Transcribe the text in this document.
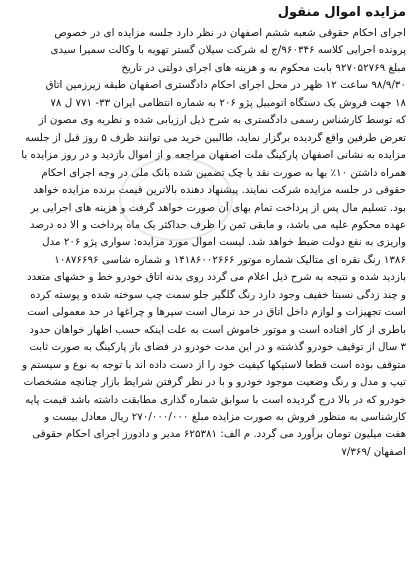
مزایده اموال منقول
اجرای احکام حقوقی شعبه ششم اصفهان در نظر دارد جلسه مزایده ای در خصوص
پرونده اجرایی کلاسه ۹۶۰۳۴۶/ج له شرکت سیلان گستر تهویه با وکالت سمیرا سیدی
مبلغ ۹۲۷۰۵۲۷۶۹ بابت محکوم به و هزینه های اجرای دولتی در تاریخ
۹۸/۹/۳۰ ساعت ۱۲ ظهر در محل اجرای احکام دادگستری اصفهان طبقه زیرزمین اتاق
۱۸ جهت فروش یک دستگاه اتومبیل پژو ۲۰۶ به شماره انتظامی ایران ۳۳- ۷۷۱ ل ۷۸
که توسط کارشناس رسمی دادگستری به شرح ذیل ارزیابی شده و نظریه وی مصون از
تعرض طرفین واقع گردیده برگزار نماید، طالبین خرید می توانند ظرف ۵ روز قبل از جلسه
مزایده به نشانی اصفهان پارکینگ ملت اصفهان مراجعه و از اموال بازدید و در روز مزایده با
همراه داشتن ۱۰٪ بها به صورت نقد یا چک تضمین شده بانک ملی در وجه اجرای احکام
حقوقی در جلسه مزایده شرکت نمایند. پیشنهاد دهنده بالاترین قیمت برنده مزایده خواهد
بود. تسلیم مال پس از پرداخت تمام بهای آن صورت خواهد گرفت و هزینه های اجرایی بر
عهده محکوم علیه می باشد، و مابقی ثمن را ظرف حداکثر یک ماه پرداخت و الا ده درصد
واریزی به نفع دولت ضبط خواهد شد. لیست اموال مورد مزایده: سواری پژو ۲۰۶ مدل
۱۳۸۶ رنگ نقره ای متالیک شماره موتور ۱۴۱۸۶۰۰۲۶۶۶ و شماره شاسی ۱۰۸۷۶۶۹۶
بازدید شده و نتیجه به شرح ذیل اعلام می گردد روی بدنه اتاق خودرو خط و خشهای متعدد
و چند زدگی نسبتا خفیف وجود دارد رنگ گلگیر جلو سمت چپ سوخته شده و پوسته کرده
است تجهیزات و لوازم داخل اتاق در حد نرمال است سپرها و چراغها در حد معمولی است
باطری از کار افتاده است و موتور خاموش است به علت اینکه حسب اظهار خواهان حدود
۳ سال از توقیف خودرو گذشته و در این مدت خودرو در فضای باز پارکینگ به صورت ثابت
متوقف بوده است قطعا لاستیکها کیفیت خود را از دست داده اند با توجه به نوع و سیستم و
تیپ و مدل و رنگ وضعیت موجود خودرو و با در نظر گرفتن شرایط بازار چنانچه مشخصات
خودرو که در بالا درج گردیده است با سوابق شماره گذاری مطابقت داشته باشد قیمت پایه
کارشناسی به منظور فروش به صورت مزایده مبلغ ۲۷۰/۰۰۰/۰۰۰ ریال معادل بیست و
هفت میلیون تومان برآورد می گردد. م الف: ۶۲۵۳۸۱ مدیر و دادورز اجرای احکام حقوقی
اصفهان /۷/۳۶۹
